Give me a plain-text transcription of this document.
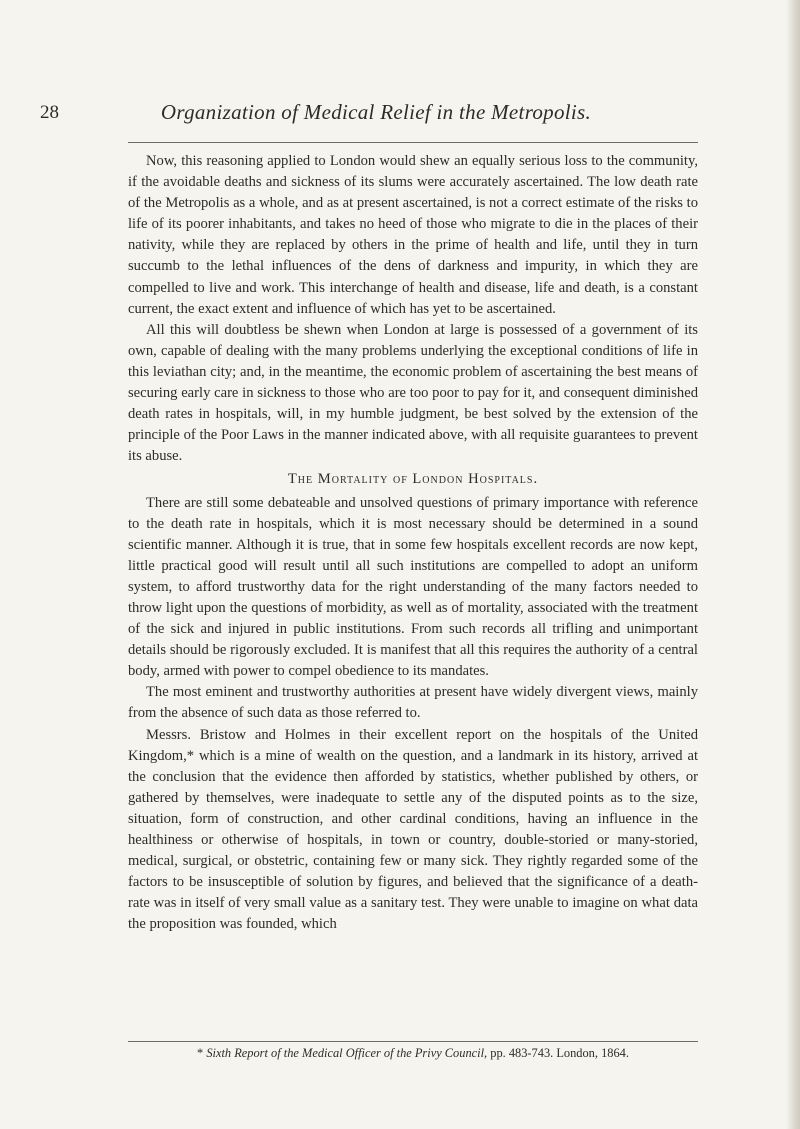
28	Organization of Medical Relief in the Metropolis.

Now, this reasoning applied to London would shew an equally serious loss to the community, if the avoidable deaths and sickness of its slums were accurately ascertained. The low death rate of the Metropolis as a whole, and as at present ascertained, is not a correct estimate of the risks to life of its poorer inhabitants, and takes no heed of those who migrate to die in the places of their nativity, while they are replaced by others in the prime of health and life, until they in turn succumb to the lethal influences of the dens of darkness and impurity, in which they are compelled to live and work. This interchange of health and disease, life and death, is a constant current, the exact extent and influence of which has yet to be ascertained.

All this will doubtless be shewn when London at large is possessed of a government of its own, capable of dealing with the many problems underlying the exceptional conditions of life in this leviathan city; and, in the meantime, the economic problem of ascertaining the best means of securing early care in sickness to those who are too poor to pay for it, and consequent diminished death rates in hospitals, will, in my humble judgment, be best solved by the extension of the principle of the Poor Laws in the manner indicated above, with all requisite guarantees to prevent its abuse.

The Mortality of London Hospitals.

There are still some debateable and unsolved questions of primary importance with reference to the death rate in hospitals, which it is most necessary should be determined in a sound scientific manner. Although it is true, that in some few hospitals excellent records are now kept, little practical good will result until all such institutions are compelled to adopt an uniform system, to afford trustworthy data for the right understanding of the many factors needed to throw light upon the questions of morbidity, as well as of mortality, associated with the treatment of the sick and injured in public institutions. From such records all trifling and unimportant details should be rigorously excluded. It is manifest that all this requires the authority of a central body, armed with power to compel obedience to its mandates.

The most eminent and trustworthy authorities at present have widely divergent views, mainly from the absence of such data as those referred to.

Messrs. Bristow and Holmes in their excellent report on the hospitals of the United Kingdom,* which is a mine of wealth on the question, and a landmark in its history, arrived at the conclusion that the evidence then afforded by statistics, whether published by others, or gathered by themselves, were inadequate to settle any of the disputed points as to the size, situation, form of construction, and other cardinal conditions, having an influence in the healthiness or otherwise of hospitals, in town or country, double-storied or many-storied, medical, surgical, or obstetric, containing few or many sick. They rightly regarded some of the factors to be insusceptible of solution by figures, and believed that the significance of a death-rate was in itself of very small value as a sanitary test. They were unable to imagine on what data the proposition was founded, which

* Sixth Report of the Medical Officer of the Privy Council, pp. 483-743. London, 1864.
